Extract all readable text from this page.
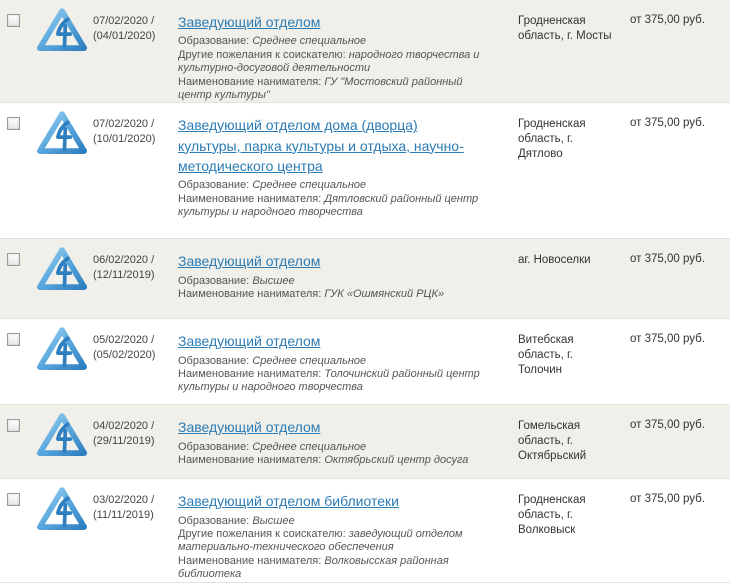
07/02/2020 /
(04/01/2020)
Заведующий отделом
Образование: Среднее специальное
Другие пожелания к соискателю: народного творчества и культурно-досуговой деятельности
Наименование нанимателя: ГУ "Мостовский районный центр культуры"
Гродненская область, г. Мосты
от 375,00 руб.
07/02/2020 /
(10/01/2020)
Заведующий отделом дома (дворца) культуры, парка культуры и отдыха, научно-методического центра
Образование: Среднее специальное
Наименование нанимателя: Дятловский районный центр культуры и народного творчества
Гродненская область, г. Дятлово
от 375,00 руб.
06/02/2020 /
(12/11/2019)
Заведующий отделом
Образование: Высшее
Наименование нанимателя: ГУК «Ошмянский РЦК»
аг. Новоселки	от 375,00 руб.
05/02/2020 /
(05/02/2020)
Заведующий отделом
Образование: Среднее специальное
Наименование нанимателя: Толочинский районный центр культуры и народного творчества
Витебская область, г. Толочин
от 375,00 руб.
04/02/2020 /
(29/11/2019)
Заведующий отделом
Образование: Среднее специальное
Наименование нанимателя: Октябрьский центр досуга
Гомельская область, г. Октябрьский
от 375,00 руб.
03/02/2020 /
(11/11/2019)
Заведующий отделом библиотеки
Образование: Высшее
Другие пожелания к соискателю: заведующий отделом материально-технического обеспечения
Наименование нанимателя: Волковысская районная библиотека
Гродненская область, г. Волковыск
от 375,00 руб.
